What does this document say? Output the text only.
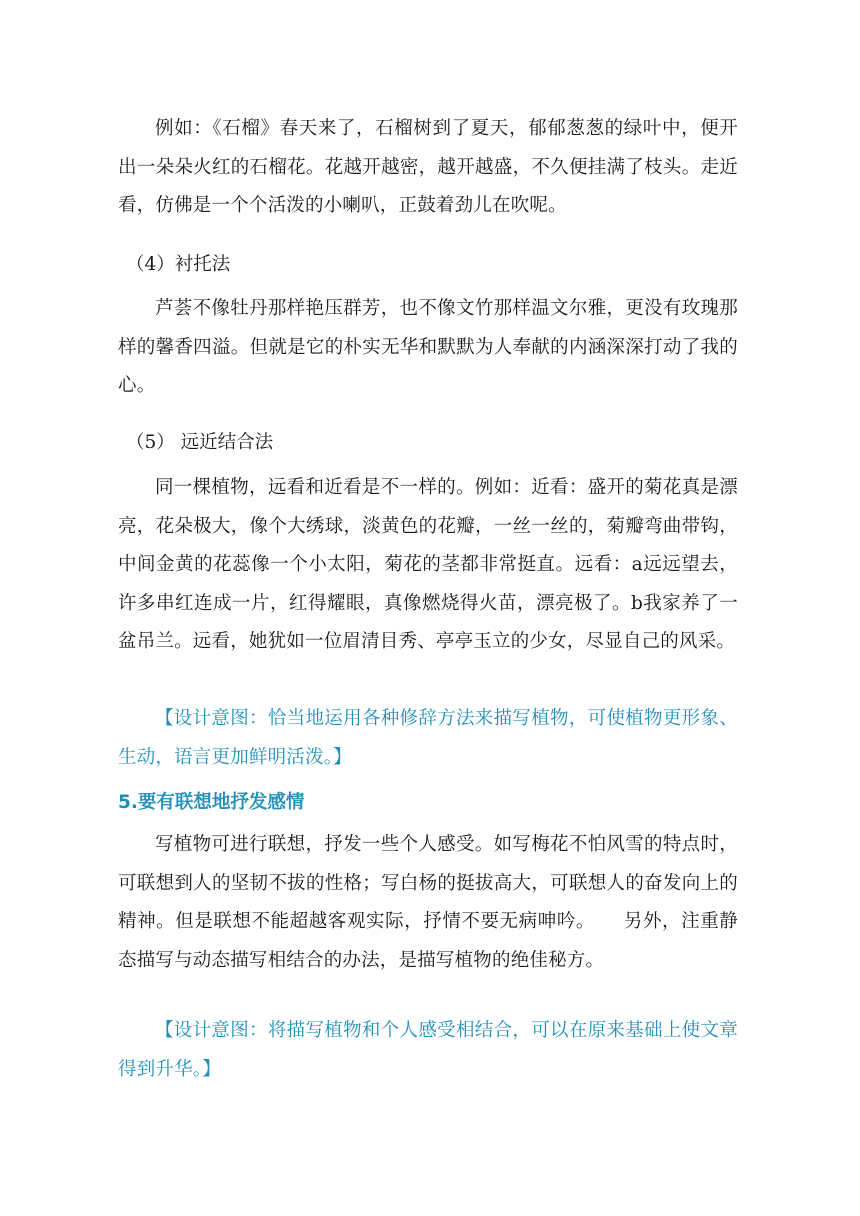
例如：《石榴》春天来了，石榴树到了夏天，郁郁葱葱的绿叶中，便开出一朵朵火红的石榴花。花越开越密，越开越盛，不久便挂满了枝头。走近看，仿佛是一个个活泼的小喇叭，正鼓着劲儿在吹呢。

（4）衬托法

芦荟不像牡丹那样艳压群芳，也不像文竹那样温文尔雅，更没有玫瑰那样的馨香四溢。但就是它的朴实无华和默默为人奉献的内涵深深打动了我的心。

（5） 远近结合法

同一棵植物，远看和近看是不一样的。例如：近看：盛开的菊花真是漂亮，花朵极大，像个大绣球，淡黄色的花瓣，一丝一丝的，菊瓣弯曲带钩，中间金黄的花蕊像一个小太阳，菊花的茎都非常挺直。远看：a远远望去，许多串红连成一片，红得耀眼，真像燃烧得火苗，漂亮极了。b我家养了一盆吊兰。远看，她犹如一位眉清目秀、亭亭玉立的少女，尽显自己的风采。

【设计意图：恰当地运用各种修辞方法来描写植物，可使植物更形象、生动，语言更加鲜明活泼。】

5.要有联想地抒发感情

写植物可进行联想，抒发一些个人感受。如写梅花不怕风雪的特点时，可联想到人的坚韧不拔的性格；写白杨的挺拔高大，可联想人的奋发向上的精神。但是联想不能超越客观实际，抒情不要无病呻吟。　　另外，注重静态描写与动态描写相结合的办法，是描写植物的绝佳秘方。

【设计意图：将描写植物和个人感受相结合，可以在原来基础上使文章得到升华。】
